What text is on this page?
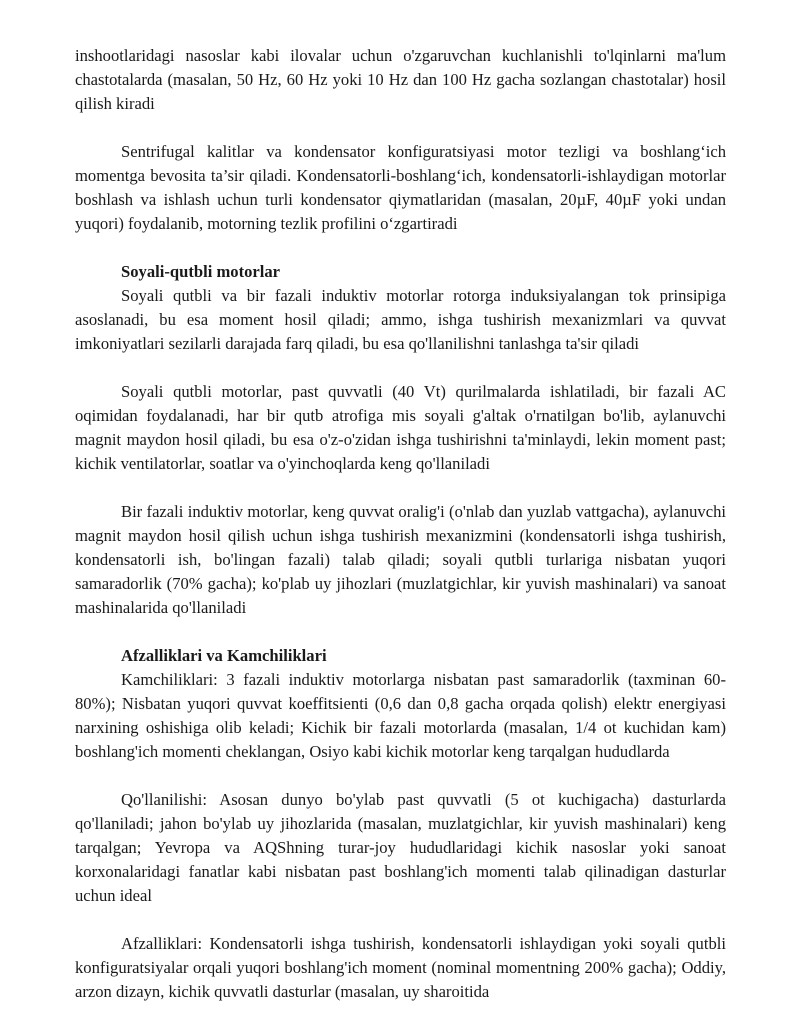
inshootlaridagi nasoslar kabi ilovalar uchun o'zgaruvchan kuchlanishli to'lqinlarni ma'lum chastotalarda (masalan, 50 Hz, 60 Hz yoki 10 Hz dan 100 Hz gacha sozlangan chastotalar) hosil qilish kiradi

Sentrifugal kalitlar va kondensator konfiguratsiyasi motor tezligi va boshlang‘ich momentga bevosita ta’sir qiladi. Kondensatorli-boshlang‘ich, kondensatorli-ishlaydigan motorlar boshlash va ishlash uchun turli kondensator qiymatlaridan (masalan, 20µF, 40µF yoki undan yuqori) foydalanib, motorning tezlik profilini o‘zgartiradi

Soyali-qutbli motorlar

Soyali qutbli va bir fazali induktiv motorlar rotorga induksiyalangan tok prinsipiga asoslanadi, bu esa moment hosil qiladi; ammo, ishga tushirish mexanizmlari va quvvat imkoniyatlari sezilarli darajada farq qiladi, bu esa qo'llanilishni tanlashga ta'sir qiladi

Soyali qutbli motorlar, past quvvatli (40 Vt) qurilmalarda ishlatiladi, bir fazali AC oqimidan foydalanadi, har bir qutb atrofiga mis soyali g'altak o'rnatilgan bo'lib, aylanuvchi magnit maydon hosil qiladi, bu esa o'z-o'zidan ishga tushirishni ta'minlaydi, lekin moment past; kichik ventilatorlar, soatlar va o'yinchoqlarda keng qo'llaniladi

Bir fazali induktiv motorlar, keng quvvat oralig'i (o'nlab dan yuzlab vattgacha), aylanuvchi magnit maydon hosil qilish uchun ishga tushirish mexanizmini (kondensatorli ishga tushirish, kondensatorli ish, bo'lingan fazali) talab qiladi; soyali qutbli turlariga nisbatan yuqori samaradorlik (70% gacha); ko'plab uy jihozlari (muzlatgichlar, kir yuvish mashinalari) va sanoat mashinalarida qo'llaniladi

Afzalliklari va Kamchiliklari

Kamchiliklari: 3 fazali induktiv motorlarga nisbatan past samaradorlik (taxminan 60-80%); Nisbatan yuqori quvvat koeffitsienti (0,6 dan 0,8 gacha orqada qolish) elektr energiyasi narxining oshishiga olib keladi; Kichik bir fazali motorlarda (masalan, 1/4 ot kuchidan kam) boshlang'ich momenti cheklangan, Osiyo kabi kichik motorlar keng tarqalgan hududlarda

Qo'llanilishi: Asosan dunyo bo'ylab past quvvatli (5 ot kuchigacha) dasturlarda qo'llaniladi; jahon bo'ylab uy jihozlarida (masalan, muzlatgichlar, kir yuvish mashinalari) keng tarqalgan; Yevropa va AQShning turar-joy hududlaridagi kichik nasoslar yoki sanoat korxonalaridagi fanatlar kabi nisbatan past boshlang'ich momenti talab qilinadigan dasturlar uchun ideal

Afzalliklari: Kondensatorli ishga tushirish, kondensatorli ishlaydigan yoki soyali qutbli konfiguratsiyalar orqali yuqori boshlang'ich moment (nominal momentning 200% gacha); Oddiy, arzon dizayn, kichik quvvatli dasturlar (masalan, uy sharoitida
